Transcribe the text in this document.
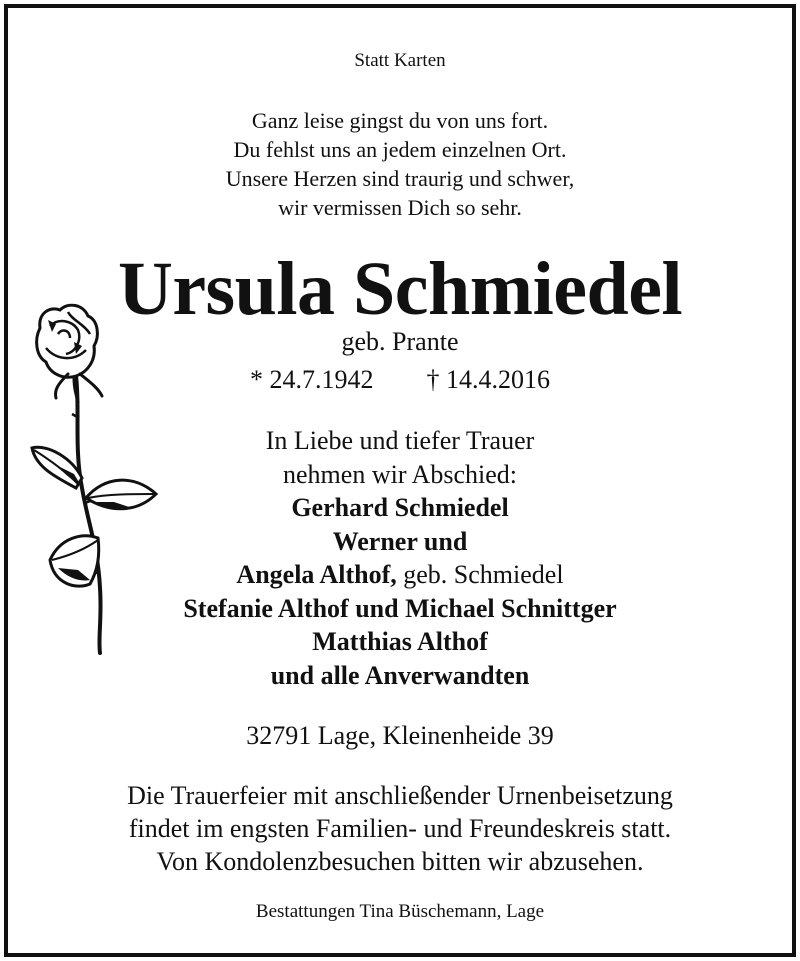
Statt Karten
Ganz leise gingst du von uns fort.
Du fehlst uns an jedem einzelnen Ort.
Unsere Herzen sind traurig und schwer,
wir vermissen Dich so sehr.
Ursula Schmiedel
geb. Prante
* 24.7.1942 † 14.4.2016
In Liebe und tiefer Trauer
nehmen wir Abschied:
Gerhard Schmiedel
Werner und
Angela Althof, geb. Schmiedel
Stefanie Althof und Michael Schnittger
Matthias Althof
und alle Anverwandten
32791 Lage, Kleinenheide 39
Die Trauerfeier mit anschließender Urnenbeisetzung
findet im engsten Familien- und Freundeskreis statt.
Von Kondolenzbesuchen bitten wir abzusehen.
Bestattungen Tina Büschemann, Lage
